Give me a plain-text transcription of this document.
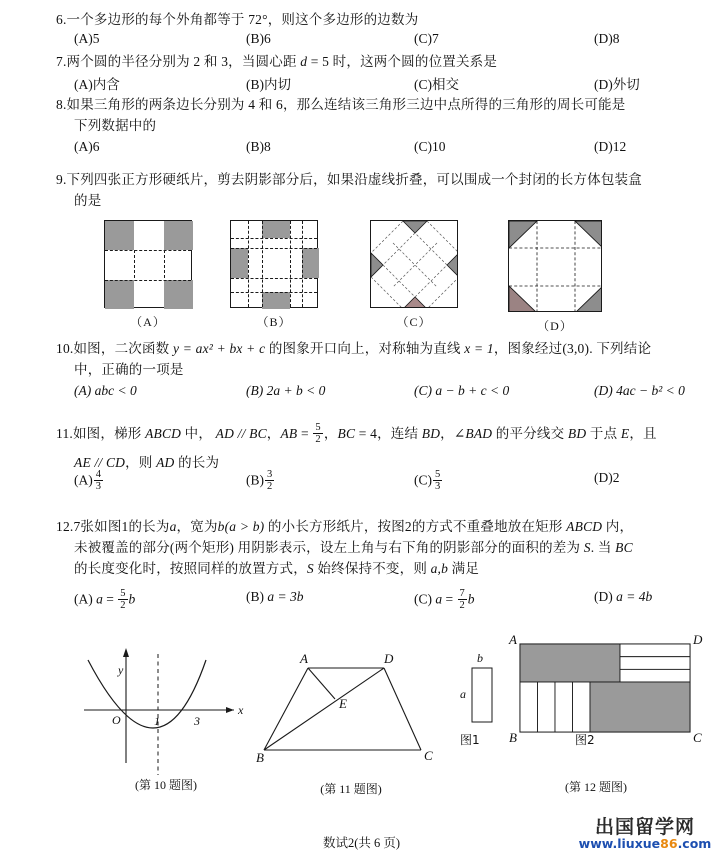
6.一个多边形的每个外角都等于 72°，则这个多边形的边数为
(A)5	(B)6	(C)7	(D)8
7.两个圆的半径分别为 2 和 3，当圆心距 d = 5 时，这两个圆的位置关系是
(A)内含	(B)内切	(C)相交	(D)外切
8.如果三角形的两条边长分别为 4 和 6，那么连结该三角形三边中点所得的三角形的周长可能是
下列数据中的
(A)6	(B)8	(C)10	(D)12
9.下列四张正方形硬纸片，剪去阴影部分后，如果沿虚线折叠，可以围成一个封闭的长方体包装盒
的是
（A）	（B）	（C）	（D）
10.如图，二次函数 y = ax² + bx + c 的图象开口向上，对称轴为直线 x = 1，图象经过(3,0). 下列结论
中，正确的一项是
(A) abc < 0	(B) 2a + b < 0	(C) a − b + c < 0	(D) 4ac − b² < 0
11.如图，梯形 ABCD 中， AD // BC，AB = $\frac{5}{2}$ ，BC = 4，连结 BD，∠BAD 的平分线交 BD 于点 E，且
AE // CD，则 AD 的长为
$(A) \frac{4}{3}$	$(B) \frac{3}{2}$	$(C) \frac{5}{3}$	(D)2
12.7张如图1的长为a，宽为b(a > b) 的小长方形纸片，按图2的方式不重叠地放在矩形 ABCD 内，
未被覆盖的部分(两个矩形) 用阴影表示，设左上角与右下角的阴影部分的面积的差为 S. 当 BC
的长度变化时，按照同样的放置方式，S 始终保持不变，则 a,b 满足
(A) $a = \frac{5}{2}$ b	(B) a = 3b	(C) $a = \frac{7}{2}$ b	(D) a = 4b
y
x
O	1	3
(第 10 题图)
A	D
E
B	C
(第 11 题图)
b
a
图1
A	D
B	C
图2
(第 12 题图)
数试2(共 6 页)
出国留学网
www.liuxue86.com
